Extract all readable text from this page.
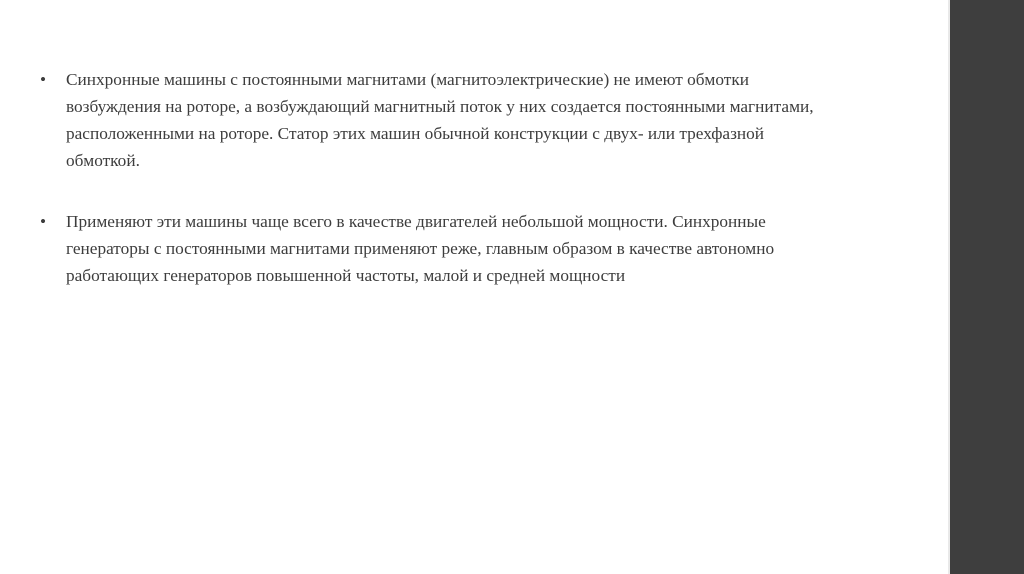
•	Синхронные машины с постоянными магнитами (магнитоэлектрические) не имеют обмотки возбуждения на роторе, а возбуждающий магнитный поток у них создается постоянными магнитами, расположенными на роторе. Статор этих машин обычной конструкции с двух- или трехфазной обмоткой.
•	Применяют эти машины чаще всего в качестве двигателей небольшой мощности. Синхронные генераторы с постоянными магнитами применяют реже, главным образом в качестве автономно работающих генераторов повышенной частоты, малой и средней мощности
